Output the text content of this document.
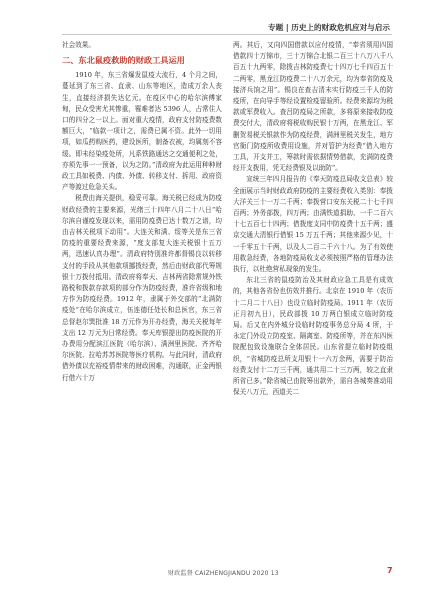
专题 | 历史上的财政危机应对与启示

社会效果。

二、东北鼠疫救助的财政工具运用

1910 年，东三省爆发鼠疫大流行，4 个月之间，蔓延到了东三省、直隶、山东等地区，造成万余人丧生，直接经济损失达亿元。在疫区中心的哈尔滨傅家甸，民众受害尤其惨重，罹难者达 5396 人，占常住人口的四分之一以上。面对重大疫情，政府支付防疫费数额巨大，“临款一项计之，需费已属不资。此外一切用项，如瓜药购医药，建设医所，制备衣被，均属刻不容缓。即未经染疫处所，凡系铁路通达之交通便利之处，亦须先事一一预备，以为之防。”清政府为此运用种种财政工具如税费、内债、外债、转移支付、拆用、政府资产等渡过危急关头。

税费由海关提供，稳妥可靠。海关税已经成为防疫财政经费的主要来源，光绪三十四年八月二十八日“哈尔滨自谨疫发现以来，需用防疫费已达十数万之谱，均由吉林关税项下动用”。大连关和满、绥等关是东三省防疫的重要经费来源，“度支部复大连关税银十五万两，迅速认真办理”。清政府特别准许都督锡良以转移支付的手段从其他款项挪拨经费，然后由财政部代筹规银十万拨付抵用。清政府将奉天、吉林两省除常规外铁路税和拨款存款项的部分作为防疫经费，准许省级和地方作为防疫经费。1912 年，隶属于外交部的“北满防疫处”在哈尔滨成立，伍连德任处长和总医官，东三省总督赵尔巽批准 18 万元作为开办经费，海关关税每年支出 12 万元为日常经费。奉天库银提出防疫医院的开办费用分配滨江医院（哈尔滨）、满洲里医院、齐齐哈尔医院、拉哈苏苏医院等医疗机构。与此同时，清政府借外债以充裕疫情带来的财政困难，沟通联，正金两银行借六十万

两。其后，又向四国借款以应付疫情，“奉省须用四国借款四十万锦市，三十万锦合北银二百三十八万八千八百五十九两零，除拨吉林防疫费七十四万七千四百五十二两零，黑龙江防疫费二十八万余元，均为奉省防疫及接济兵饷之用”。锡良在查吉清末实行防疫三千人的防疫所，在向导手等经设置检疫留验所。经费来源均为税款或军费收入。查吕防疫局之所款，多将原来接收防疫费交付大，清政府将税收购民银十万两，在黑龙江、军删贺易税关银款作为防疫经费，满洲里税关发生，地方官衙门防疫所收费用设施，并对管护为经费“借入地方工具，开支并工，筹款时需依据情势借款，充满防疫费经开支拨用，凭无经费银及以助防”。

宣统三年四月报告的《奉天防疫总局收支总表》较全面展示当时财政政府防疫的主要经费收入类别：奉拨大洋关三十一万二千两；奉拨营口安东关税二十七千四百两；外务部拨，四万两；由满铁道捐助、一千二百六十七五百七十四两；借拨度支同中防疫费十五千两；盛京交通大清银行借银 15 万五千两；其他来源少见，十一千零五十千两，以及人二百二千六十八。为了有效使用救急经费，各地防疫局收支必须按照严格的管理办法执行，以杜绝营私现象的发生。

东北三省的鼠疫防治及其财政应急工具是有成效的，其他各省份也仿效并推行。北京在 1910 年（农历十二月二十八日）也设立临时防疫局。1911 年（农历正月初九日），民政部拨 10 万两白银成立临时防疫局。后又在内外城分设临时防疫事务总分局 4 所，于永定门外设立防疫室、隔离室、防疫所等，并在东四医院配包致设施联合全体居民。山东省提立临时防疫组织，“省城防疫总所支用银十一六万余两，需要于防治经费支付十二万三千两，通共用二十三万两，较之直隶所省已多。”除省城已由院筹出款外，需自各城奏准动用保关八万元，西道关二

财政监督 CAIZHENGJIANDU 2020 13	7
